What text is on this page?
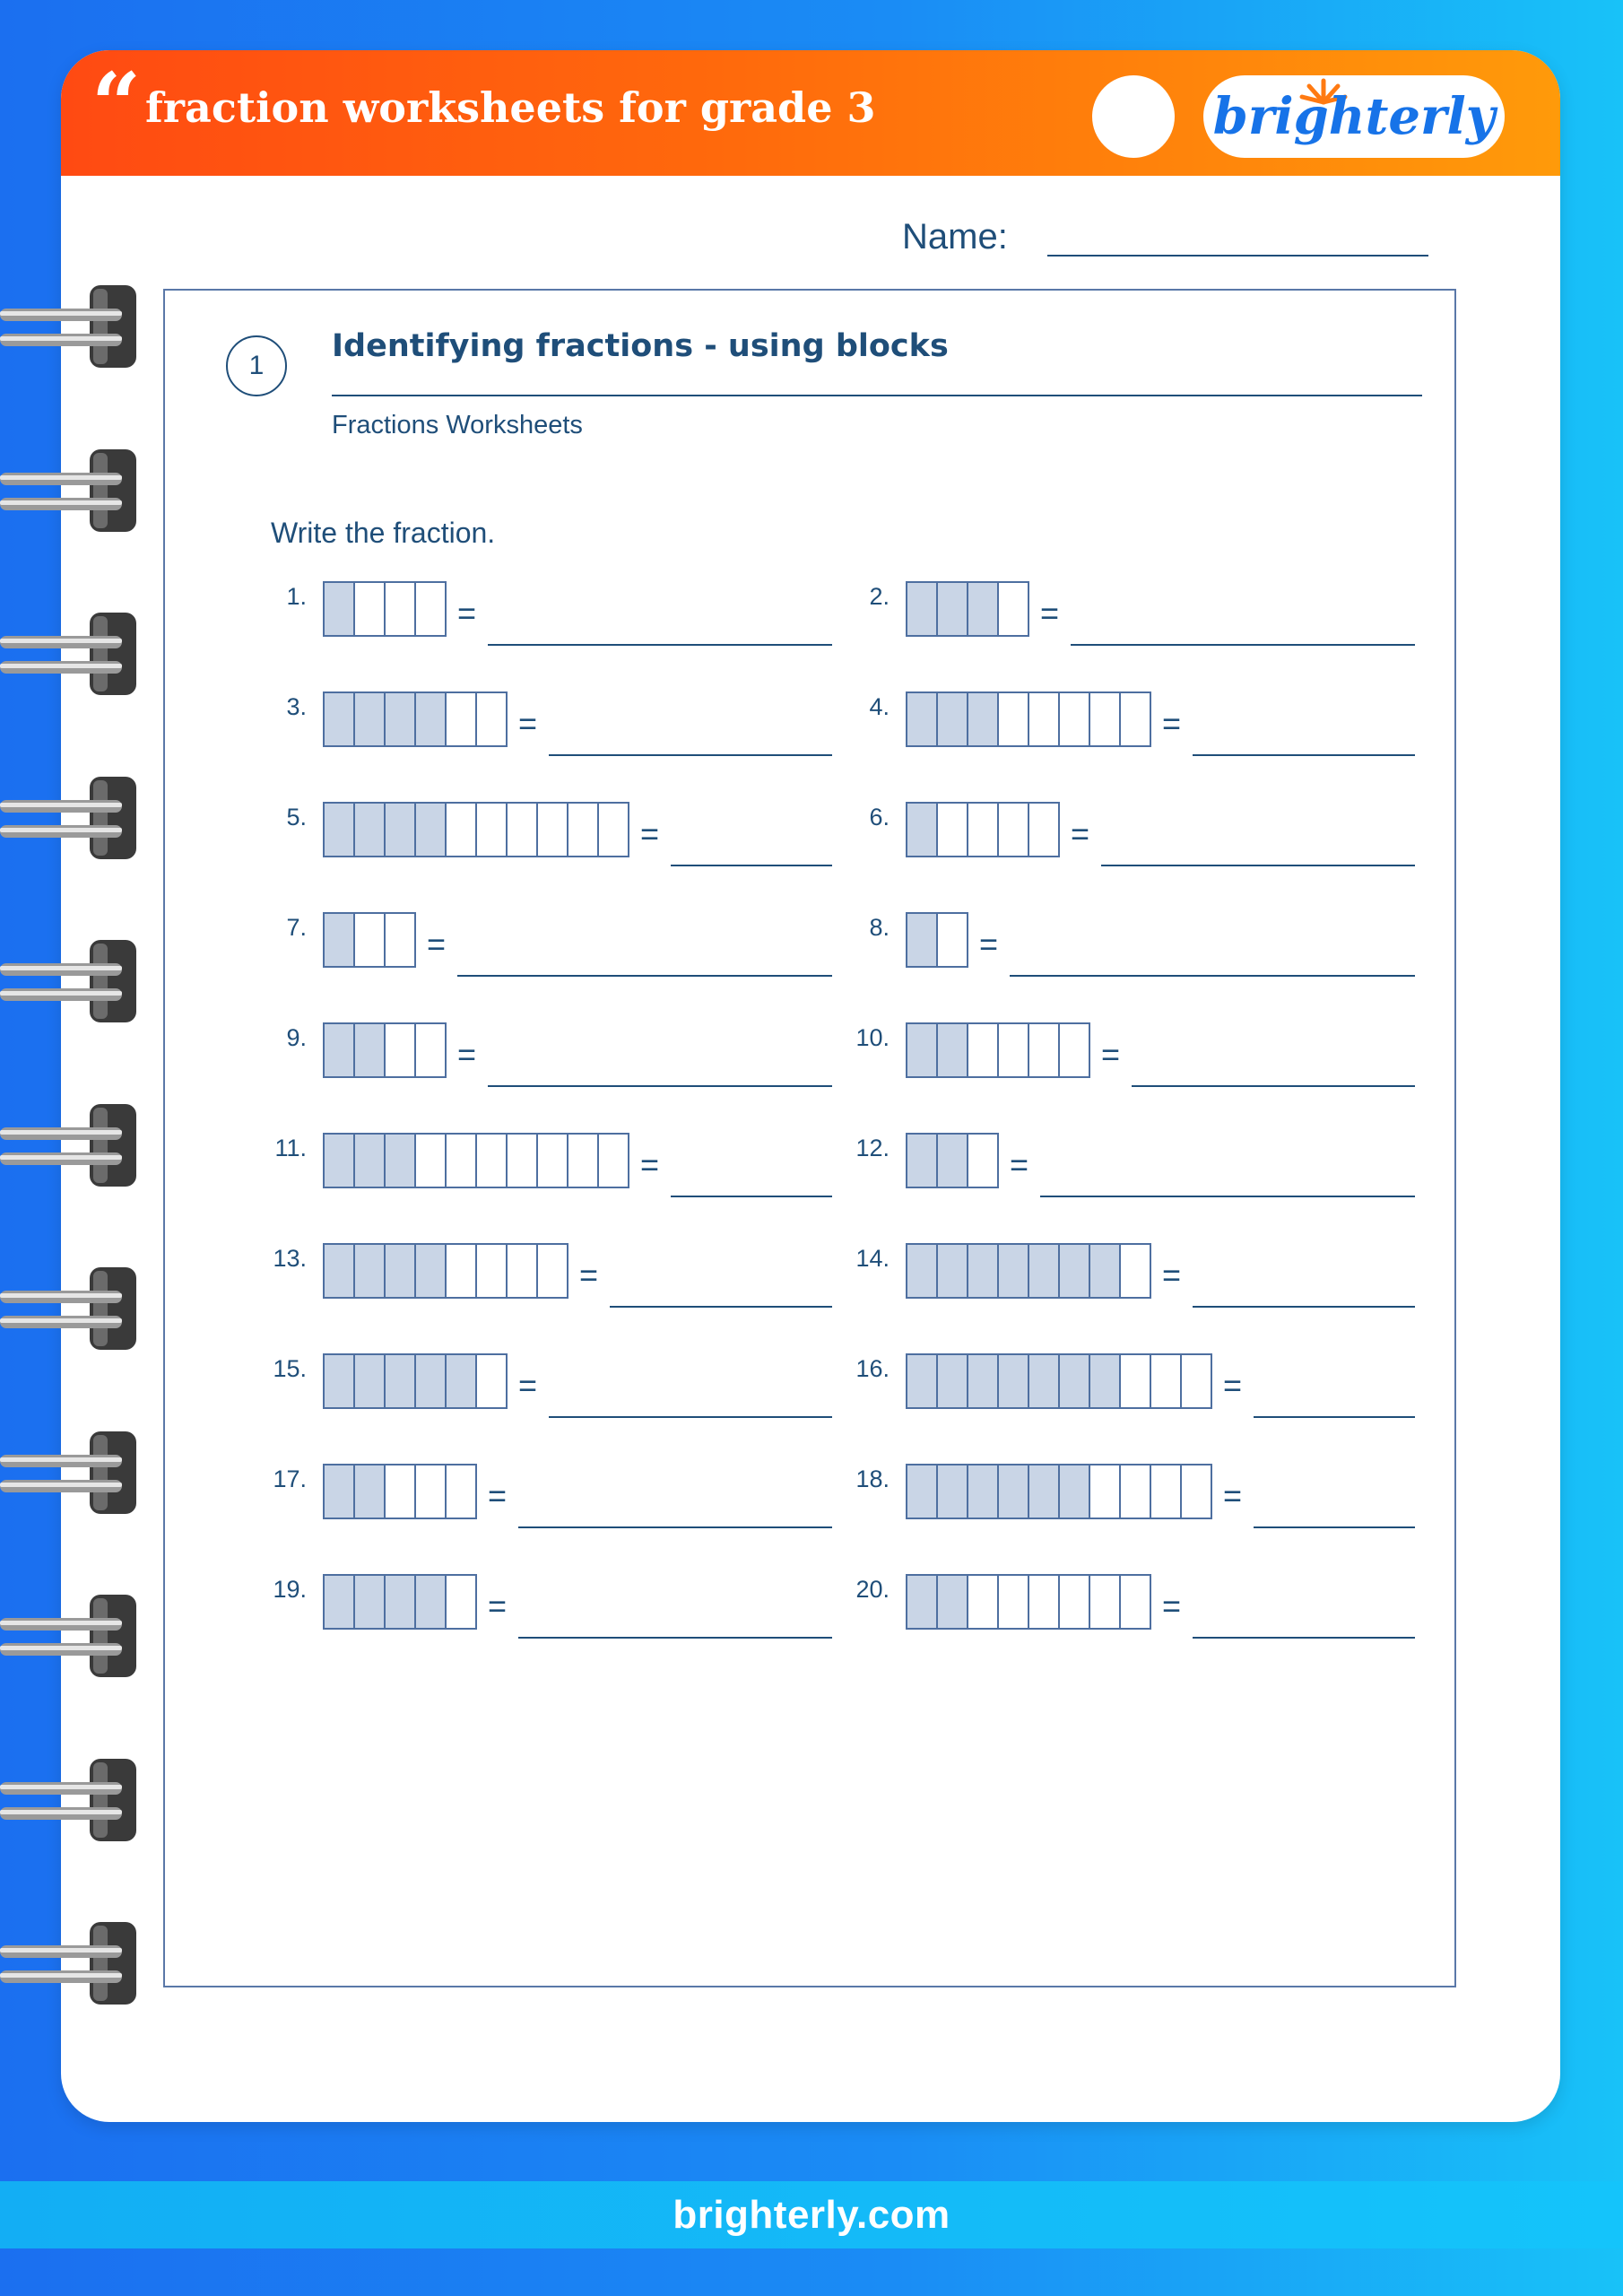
brighterly.com
“ fraction worksheets for grade 3	brighterly
Name:
1
Identifying fractions - using blocks
Fractions Worksheets
Write the fraction.
1.	=	2.	=
3.	=	4.	=
5.	=	6.	=
7.	=	8.	=
9.	=	10.	=
11.	=	12.	=
13.	=	14.	=
15.	=	16.	=
17.	=	18.	=
19.	=	20.	=
